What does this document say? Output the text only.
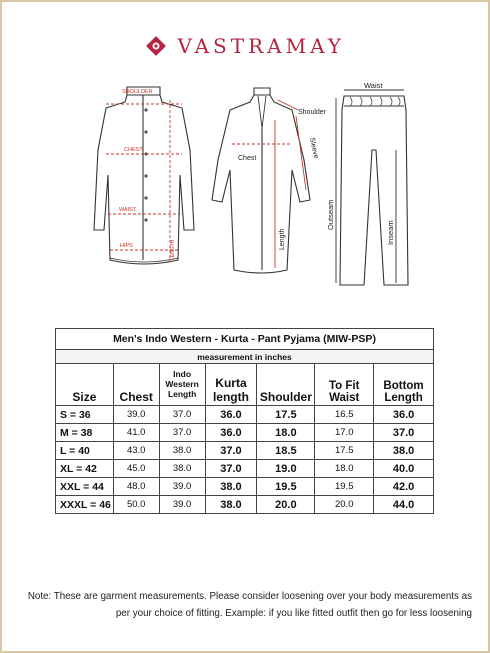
VASTRAMAY
SHOULDER
CHEST
WAIST
HIPS	LENGTH
Shoulder
Chest	Sleeve
Length
Waist
Outseam
Inseam
Men's Indo Western - Kurta - Pant Pyjama (MIW-PSP)						
measurement in inches						
Size	Chest	Indo Western Length	Kurta length	Shoulder	To Fit Waist	Bottom Length
S = 36	39.0	37.0	36.0	17.5	16.5	36.0
M = 38	41.0	37.0	36.0	18.0	17.0	37.0
L = 40	43.0	38.0	37.0	18.5	17.5	38.0
XL = 42	45.0	38.0	37.0	19.0	18.0	40.0
XXL = 44	48.0	39.0	38.0	19.5	19.5	42.0
XXXL = 46	50.0	39.0	38.0	20.0	20.0	44.0
Note: These are garment measurements. Please consider loosening over your body measurements as per your choice of fitting. Example: if you like fitted outfit then go for less loosening
